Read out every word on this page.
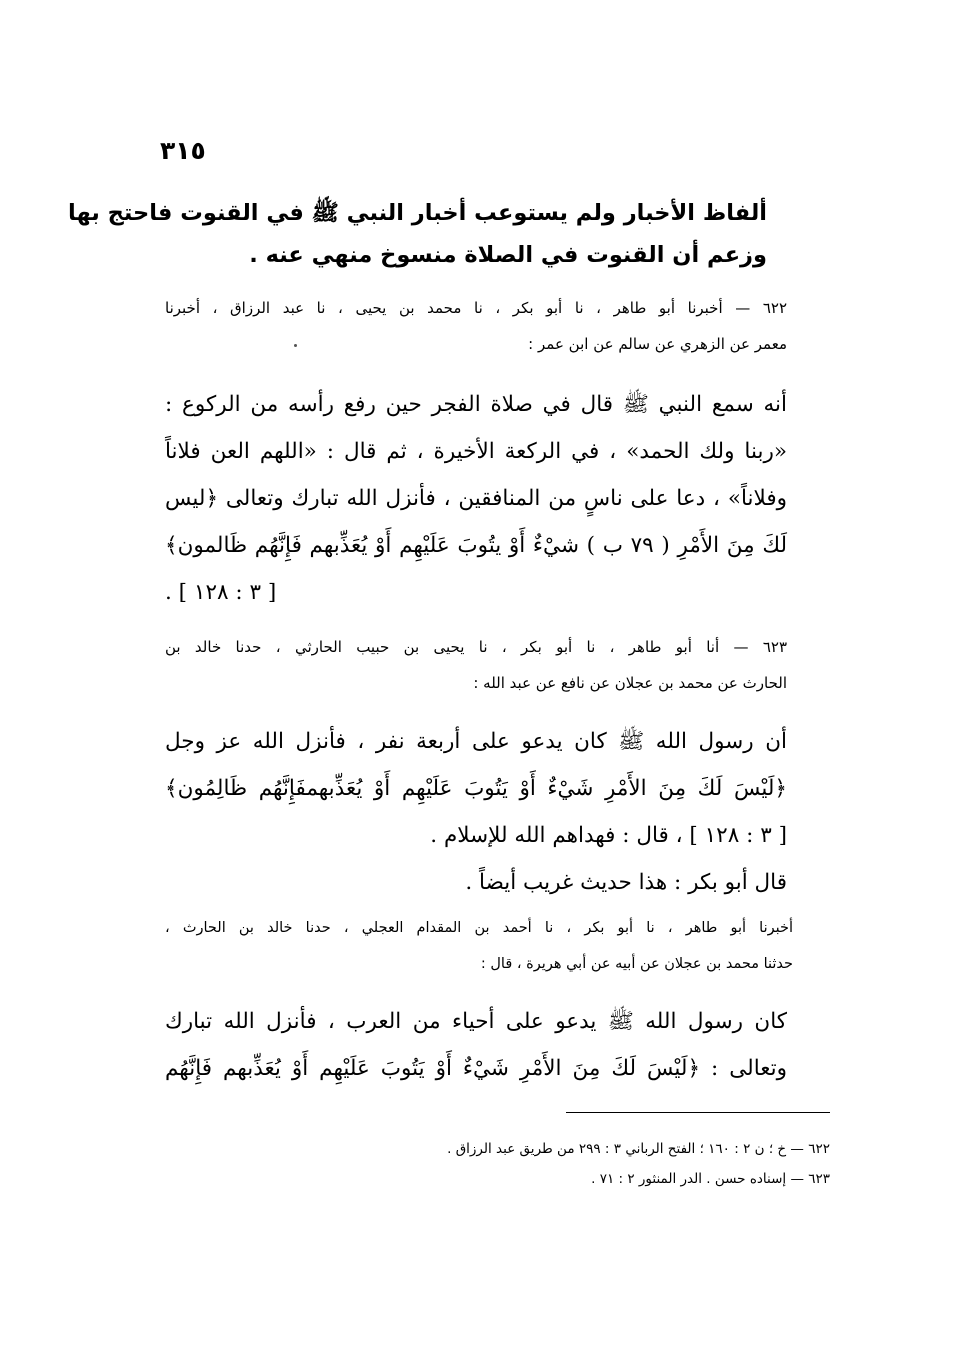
٣١٥
ألفاظ الأخبار ولم يستوعب أخبار النبي ﷺ في القنوت فاحتج بها
وزعم أن القنوت في الصلاة منسوخ منهي عنه .
٦٢٢ — أخبرنا أبو طاهر ، نا أبو بكر ، نا محمد بن يحيى ، نا عبد الرزاق ، أخبرنا
معمر عن الزهري عن سالم عن ابن عمر :
أنه سمع النبي ﷺ قال في صلاة الفجر حين رفع رأسه من الركوع :
«ربنا ولك الحمد» ، في الركعة الأخيرة ، ثم قال : «اللهم العن فلاناً
وفلاناً» ، دعا على ناسٍ من المنافقين ، فأنزل الله تبارك وتعالى ﴿ليس
لَكَ مِنَ الأَمْرِ ( ٧٩ ب ) شيْءٌ أَوْ يتُوبَ عَلَيْهِم أَوْ يُعَذِّبهم فَإِنَّهُم ظَالمون﴾
[ ٣ : ١٢٨ ] .
٦٢٣ — أنا أبو طاهر ، نا أبو بكر ، نا يحيى بن حبيب الحارثي ، حدنا خالد بن
الحارث عن محمد بن عجلان عن نافع عن عبد الله :
أن رسول الله ﷺ كان يدعو على أربعة نفر ، فأنزل الله عز وجل
﴿لَيْسَ لَكَ مِنَ الأَمْرِ شَيْءٌ أَوْ يَتُوبَ عَلَيْهِم أَوْ يُعَذِّبهمفَإِنَّهُم ظَالِمُون﴾
[ ٣ : ١٢٨ ] ، قال : فهداهم الله للإسلام .
قال أبو بكر : هذا حديث غريب أيضاً .
أخبرنا أبو طاهر ، نا أبو بكر ، نا أحمد بن المقدام العجلي ، حدنا خالد بن الحارث ،
حدثنا محمد بن عجلان عن أبيه عن أبي هريرة ، قال :
كان رسول الله ﷺ يدعو على أحياء من العرب ، فأنزل الله تبارك
وتعالى : ﴿لَيْسَ لَكَ مِنَ الأَمْرِ شَيْءٌ أَوْ يَتُوبَ عَلَيْهِم أَوْ يُعَذِّبهم فَإِنَّهُم
٦٢٢ — خ ؛ ن ٢ : ١٦٠ ؛ الفتح الرباني ٣ : ٢٩٩ من طريق عبد الرزاق .
٦٢٣ — إسناده حسن . الدر المنثور ٢ : ٧١ .
